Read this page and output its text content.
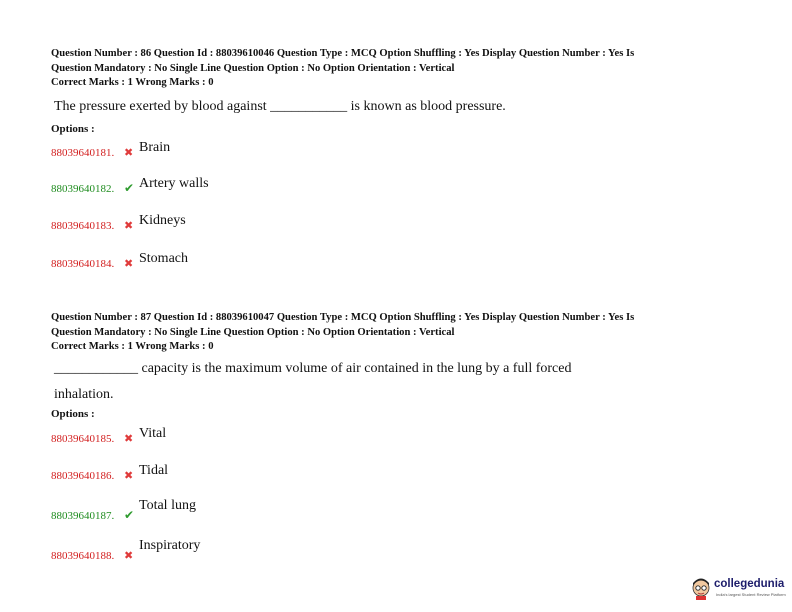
Question Number : 86 Question Id : 88039610046 Question Type : MCQ Option Shuffling : Yes Display Question Number : Yes Is

Question Mandatory : No Single Line Question Option : No Option Orientation : Vertical

Correct Marks : 1 Wrong Marks : 0

The pressure exerted by blood against ___________ is known as blood pressure.

Options :
88039640181. ✖ Brain
88039640182. ✔ Artery walls
88039640183. ✖ Kidneys
88039640184. ✖ Stomach

Question Number : 87 Question Id : 88039610047 Question Type : MCQ Option Shuffling : Yes Display Question Number : Yes Is

Question Mandatory : No Single Line Question Option : No Option Orientation : Vertical

Correct Marks : 1 Wrong Marks : 0

____________ capacity is the maximum volume of air contained in the lung by a full forced

inhalation.

Options :
88039640185. ✖ Vital
88039640186. ✖ Tidal
88039640187. ✔
Total lung
88039640188. ✖
Inspiratory
collegedunia
India's largest Student Review Platform
